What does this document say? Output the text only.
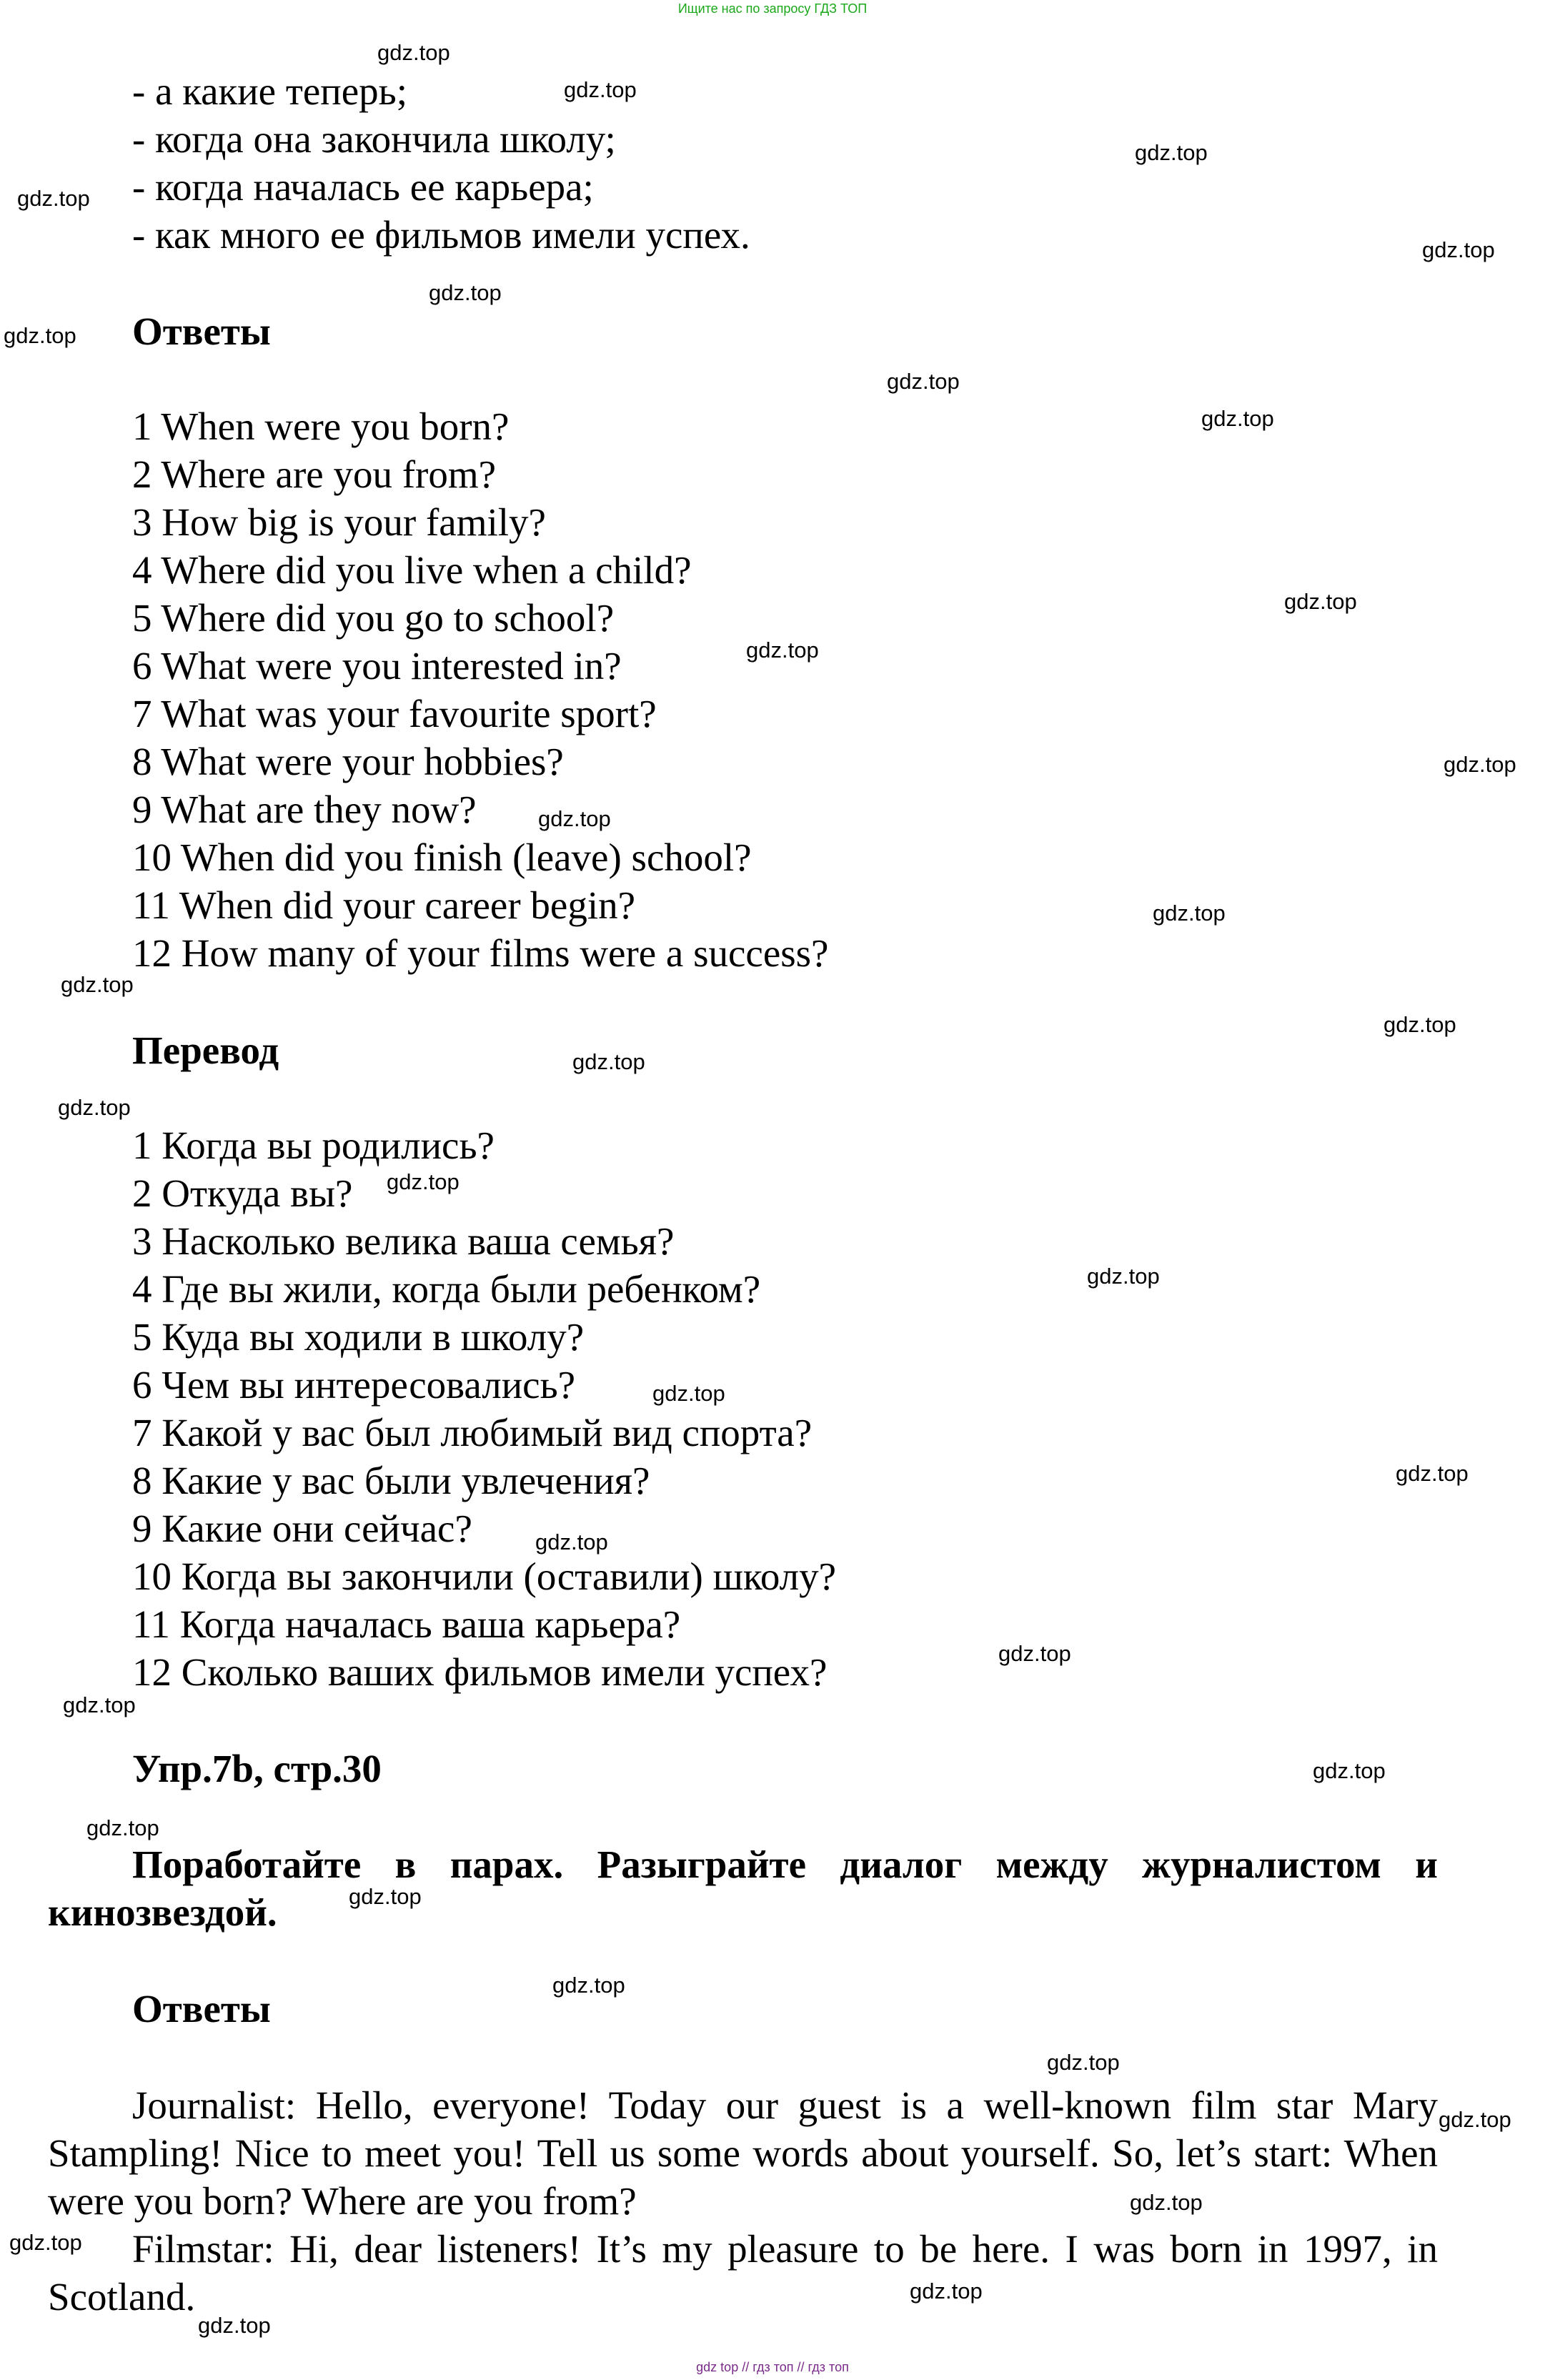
Ищите нас по запросу ГДЗ ТОП
- а какие теперь;
- когда она закончила школу;
- когда началась ее карьера;
- как много ее фильмов имели успех.
Ответы
1 When were you born?
2 Where are you from?
3 How big is your family?
4 Where did you live when a child?
5 Where did you go to school?
6 What were you interested in?
7 What was your favourite sport?
8 What were your hobbies?
9 What are they now?
10 When did you finish (leave) school?
11 When did your career begin?
12 How many of your films were a success?
Перевод
1 Когда вы родились?
2 Откуда вы?
3 Насколько велика ваша семья?
4 Где вы жили, когда были ребенком?
5 Куда вы ходили в школу?
6 Чем вы интересовались?
7 Какой у вас был любимый вид спорта?
8 Какие у вас были увлечения?
9 Какие они сейчас?
10 Когда вы закончили (оставили) школу?
11 Когда началась ваша карьера?
12 Сколько ваших фильмов имели успех?
Упр.7b, стр.30
Поработайте в парах. Разыграйте диалог между журналистом и кинозвездой.
Ответы
Journalist: Hello, everyone! Today our guest is a well-known film star Mary Stampling! Nice to meet you! Tell us some words about yourself. So, let’s start: When were you born? Where are you from?
Filmstar: Hi, dear listeners! It’s my pleasure to be here. I was born in 1997, in Scotland.
gdz top // гдз топ // гдз топ
gdz.top
gdz.top
gdz.top
gdz.top
gdz.top
gdz.top
gdz.top
gdz.top
gdz.top
gdz.top
gdz.top
gdz.top
gdz.top
gdz.top
gdz.top
gdz.top
gdz.top
gdz.top
gdz.top
gdz.top
gdz.top
gdz.top
gdz.top
gdz.top
gdz.top
gdz.top
gdz.top
gdz.top
gdz.top
gdz.top
gdz.top
gdz.top
gdz.top
gdz.top
gdz.top
